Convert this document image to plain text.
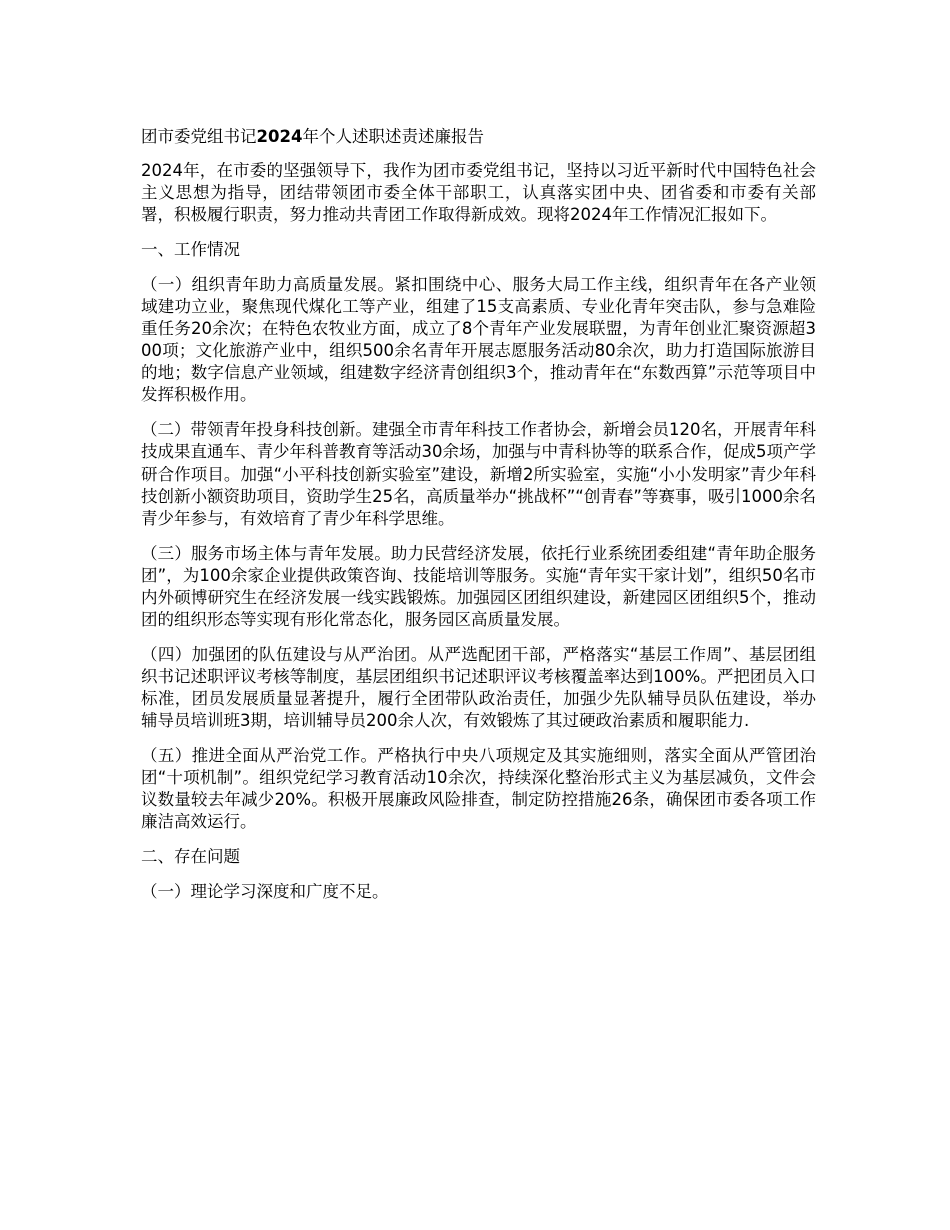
团市委党组书记2024年个人述职述责述廉报告

2024年，在市委的坚强领导下，我作为团市委党组书记，坚持以习近平新时代中国特色社会主义思想为指导，团结带领团市委全体干部职工，认真落实团中央、团省委和市委有关部署，积极履行职责，努力推动共青团工作取得新成效。现将2024年工作情况汇报如下。

一、工作情况

（一）组织青年助力高质量发展。紧扣围绕中心、服务大局工作主线，组织青年在各产业领域建功立业，聚焦现代煤化工等产业，组建了15支高素质、专业化青年突击队，参与急难险重任务20余次；在特色农牧业方面，成立了8个青年产业发展联盟，为青年创业汇聚资源超300项；文化旅游产业中，组织500余名青年开展志愿服务活动80余次，助力打造国际旅游目的地；数字信息产业领域，组建数字经济青创组织3个，推动青年在“东数西算”示范等项目中发挥积极作用。

（二）带领青年投身科技创新。建强全市青年科技工作者协会，新增会员120名，开展青年科技成果直通车、青少年科普教育等活动30余场，加强与中青科协等的联系合作，促成5项产学研合作项目。加强“小平科技创新实验室”建设，新增2所实验室，实施“小小发明家”青少年科技创新小额资助项目，资助学生25名，高质量举办“挑战杯”“创青春”等赛事，吸引1000余名青少年参与，有效培育了青少年科学思维。

（三）服务市场主体与青年发展。助力民营经济发展，依托行业系统团委组建“青年助企服务团”，为100余家企业提供政策咨询、技能培训等服务。实施“青年实干家计划”，组织50名市内外硕博研究生在经济发展一线实践锻炼。加强园区团组织建设，新建园区团组织5个，推动团的组织形态等实现有形化常态化，服务园区高质量发展。

（四）加强团的队伍建设与从严治团。从严选配团干部，严格落实“基层工作周”、基层团组织书记述职评议考核等制度，基层团组织书记述职评议考核覆盖率达到100%。严把团员入口标准，团员发展质量显著提升，履行全团带队政治责任，加强少先队辅导员队伍建设，举办辅导员培训班3期，培训辅导员200余人次，有效锻炼了其过硬政治素质和履职能力.

（五）推进全面从严治党工作。严格执行中央八项规定及其实施细则，落实全面从严管团治团“十项机制”。组织党纪学习教育活动10余次，持续深化整治形式主义为基层减负，文件会议数量较去年减少20%。积极开展廉政风险排查，制定防控措施26条，确保团市委各项工作廉洁高效运行。

二、存在问题

（一）理论学习深度和广度不足。
